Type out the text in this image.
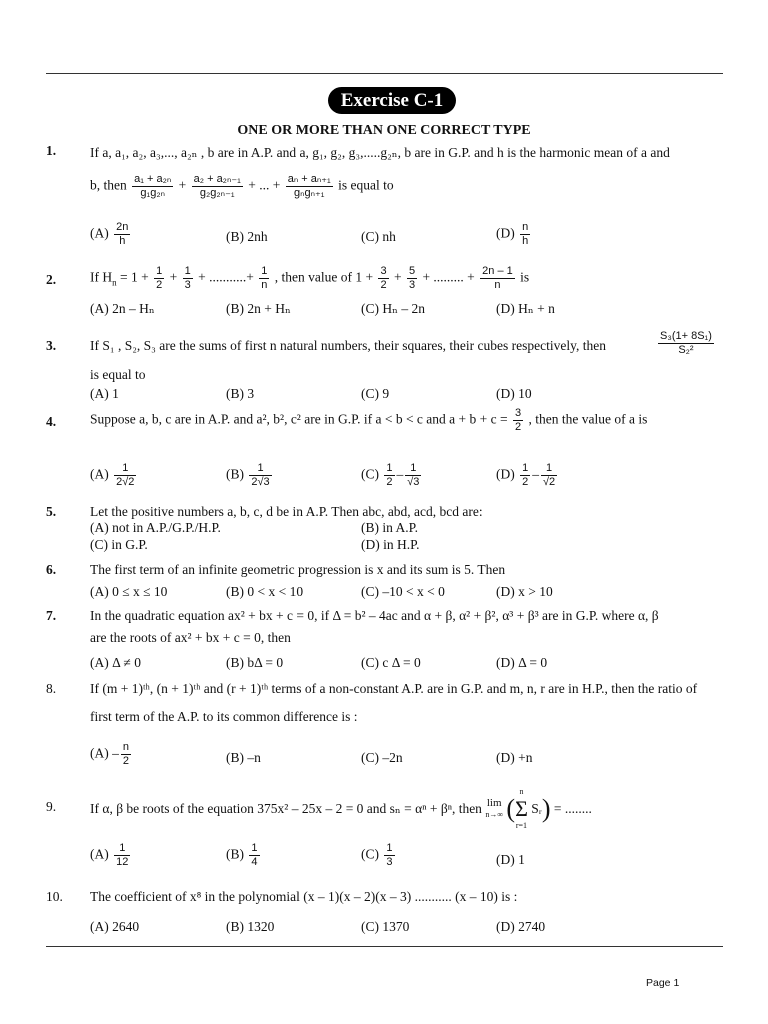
Exercise C-1
ONE OR MORE THAN ONE CORRECT TYPE
1.	If a, a₁, a₂, a₃,..., a₂ₙ , b are in A.P. and a, g₁, g₂, g₃,.....g₂ₙ, b are in G.P. and h is the harmonic mean of a and
b, then $\frac{\text{a₁ + a₂ₙ}}{\text{g₁g₂ₙ}} + \frac{\text{a₂ + a₂ₙ₋₁}}{\text{g₂g₂ₙ₋₁}}$ + ... + $\frac{\text{aₙ + aₙ₊₁}}{\text{gₙgₙ₊₁}}$ is equal to
$(A) \frac{2n}{h}$	(B) 2nh	(C) nh	$(D) \frac{n}{h}$
2.	If $H_n = 1 + \frac{1}{2} + \frac{1}{3}$ + ...........+ $\frac{1}{n}$ , then value of $1 + \frac{3}{2} + \frac{5}{3}$ + ......... + $\frac{2n - 1}{n}$ is
(A) 2n – Hₙ	(B) 2n + Hₙ	(C) Hₙ – 2n	(D) Hₙ + n
3.	If S₁ , S₂, S₃ are the sums of first n natural numbers, their squares, their cubes respectively, then	$\frac{\text{S₃(1+ 8S₁)}}{\text{S₂²}}$
is equal to
(A) 1	(B) 3	(C) 9	(D) 10
4.	Suppose a, b, c are in A.P. and a², b², c² are in G.P. if a < b < c and $a + b + c = \frac{3}{2}$ , then the value of a is
$(A) \frac{1}{2√2}$	$(B) \frac{1}{2√3}$	$(C) \frac{1}{2} - \frac{1}{√3}$	$(D) \frac{1}{2} - \frac{1}{√2}$
5.	Let the positive numbers a, b, c, d be in A.P. Then abc, abd, acd, bcd are:
(A) not in A.P./G.P./H.P.	(B) in A.P.
(C) in G.P.	(D) in H.P.
6.	The first term of an infinite geometric progression is x and its sum is 5. Then
(A) 0 ≤ x ≤ 10	(B) 0 < x < 10	(C) –10 < x < 0	(D) x > 10
7.	In the quadratic equation ax² + bx + c = 0, if Δ = b² – 4ac and α + β, α² + β², α³ + β³ are in G.P. where α, β
are the roots of ax² + bx + c = 0, then
(A) Δ ≠ 0	(B) bΔ = 0	(C) c Δ = 0	(D) Δ = 0
8.	If (m + 1)ᵗʰ, (n + 1)ᵗʰ and (r + 1)ᵗʰ terms of a non-constant A.P. are in G.P. and m, n, r are in H.P., then the ratio of
first term of the A.P. to its common difference is :
$(A) - \frac{n}{2}$	(B) –n	(C) –2n	(D) +n
9.	If α, β be roots of the equation 375x² – 25x – 2 = 0 and sₙ = αⁿ + βⁿ, then lim
n→∞ (
n
Σ
r=1
Sᵣ) = ........
$(A) \frac{1}{12}$	$(B) \frac{1}{4}$	$(C) \frac{1}{3}$	(D) 1
10.	The coefficient of x⁸ in the polynomial (x – 1)(x – 2)(x – 3) ........... (x – 10) is :
(A) 2640	(B) 1320	(C) 1370	(D) 2740
Page 1
